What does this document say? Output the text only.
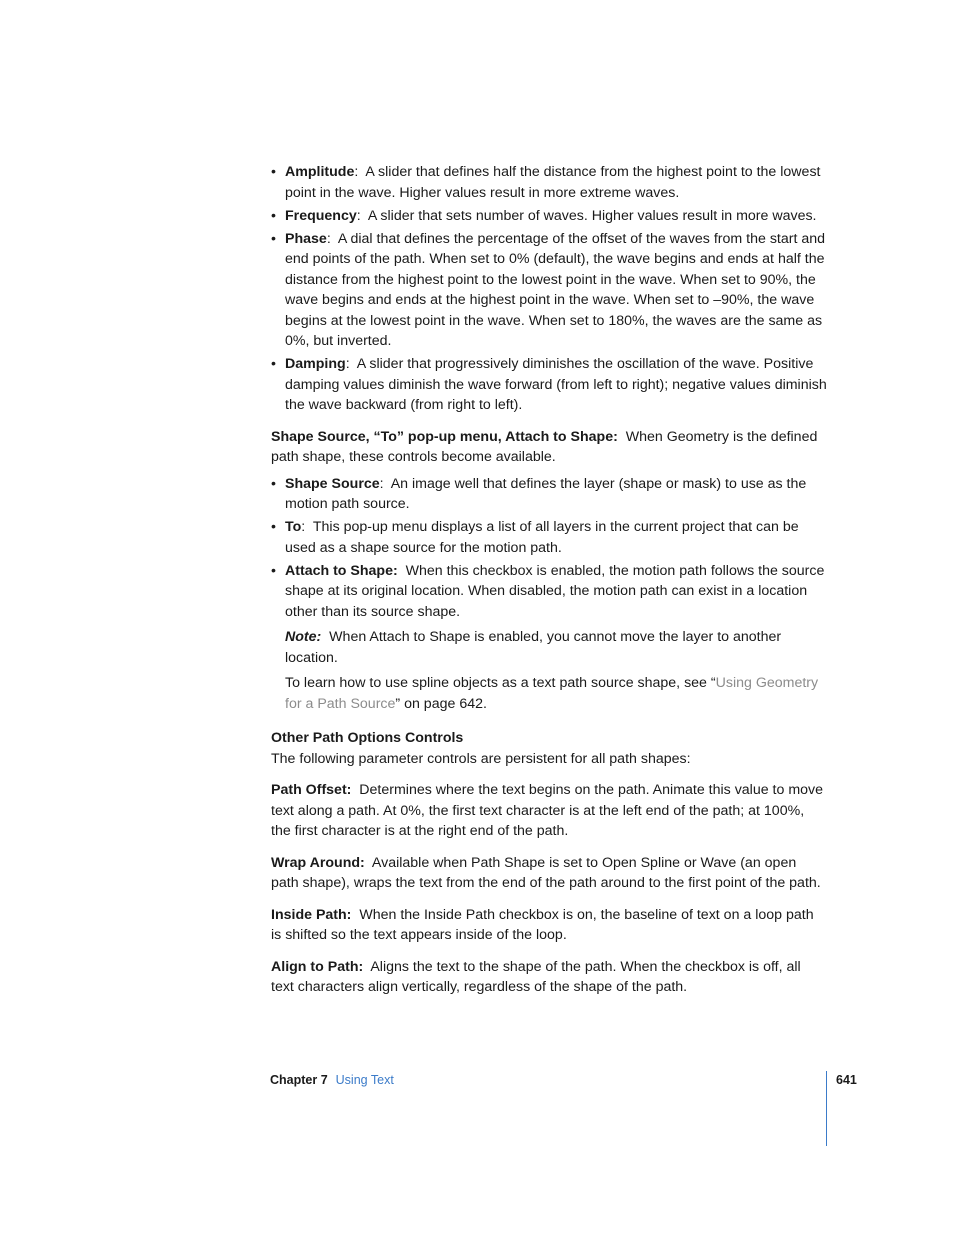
• Amplitude: A slider that defines half the distance from the highest point to the lowest point in the wave. Higher values result in more extreme waves.
• Frequency: A slider that sets number of waves. Higher values result in more waves.
• Phase: A dial that defines the percentage of the offset of the waves from the start and end points of the path. When set to 0% (default), the wave begins and ends at half the distance from the highest point to the lowest point in the wave. When set to 90%, the wave begins and ends at the highest point in the wave. When set to –90%, the wave begins at the lowest point in the wave. When set to 180%, the waves are the same as 0%, but inverted.
• Damping: A slider that progressively diminishes the oscillation of the wave. Positive damping values diminish the wave forward (from left to right); negative values diminish the wave backward (from right to left).

Shape Source, “To” pop-up menu, Attach to Shape: When Geometry is the defined path shape, these controls become available.

• Shape Source: An image well that defines the layer (shape or mask) to use as the motion path source.
• To: This pop-up menu displays a list of all layers in the current project that can be used as a shape source for the motion path.
• Attach to Shape: When this checkbox is enabled, the motion path follows the source shape at its original location. When disabled, the motion path can exist in a location other than its source shape.

Note: When Attach to Shape is enabled, you cannot move the layer to another location.

To learn how to use spline objects as a text path source shape, see “Using Geometry for a Path Source” on page 642.

Other Path Options Controls

The following parameter controls are persistent for all path shapes:

Path Offset: Determines where the text begins on the path. Animate this value to move text along a path. At 0%, the first text character is at the left end of the path; at 100%, the first character is at the right end of the path.

Wrap Around: Available when Path Shape is set to Open Spline or Wave (an open path shape), wraps the text from the end of the path around to the first point of the path.

Inside Path: When the Inside Path checkbox is on, the baseline of text on a loop path is shifted so the text appears inside of the loop.

Align to Path: Aligns the text to the shape of the path. When the checkbox is off, all text characters align vertically, regardless of the shape of the path.

Chapter 7 Using Text	641
